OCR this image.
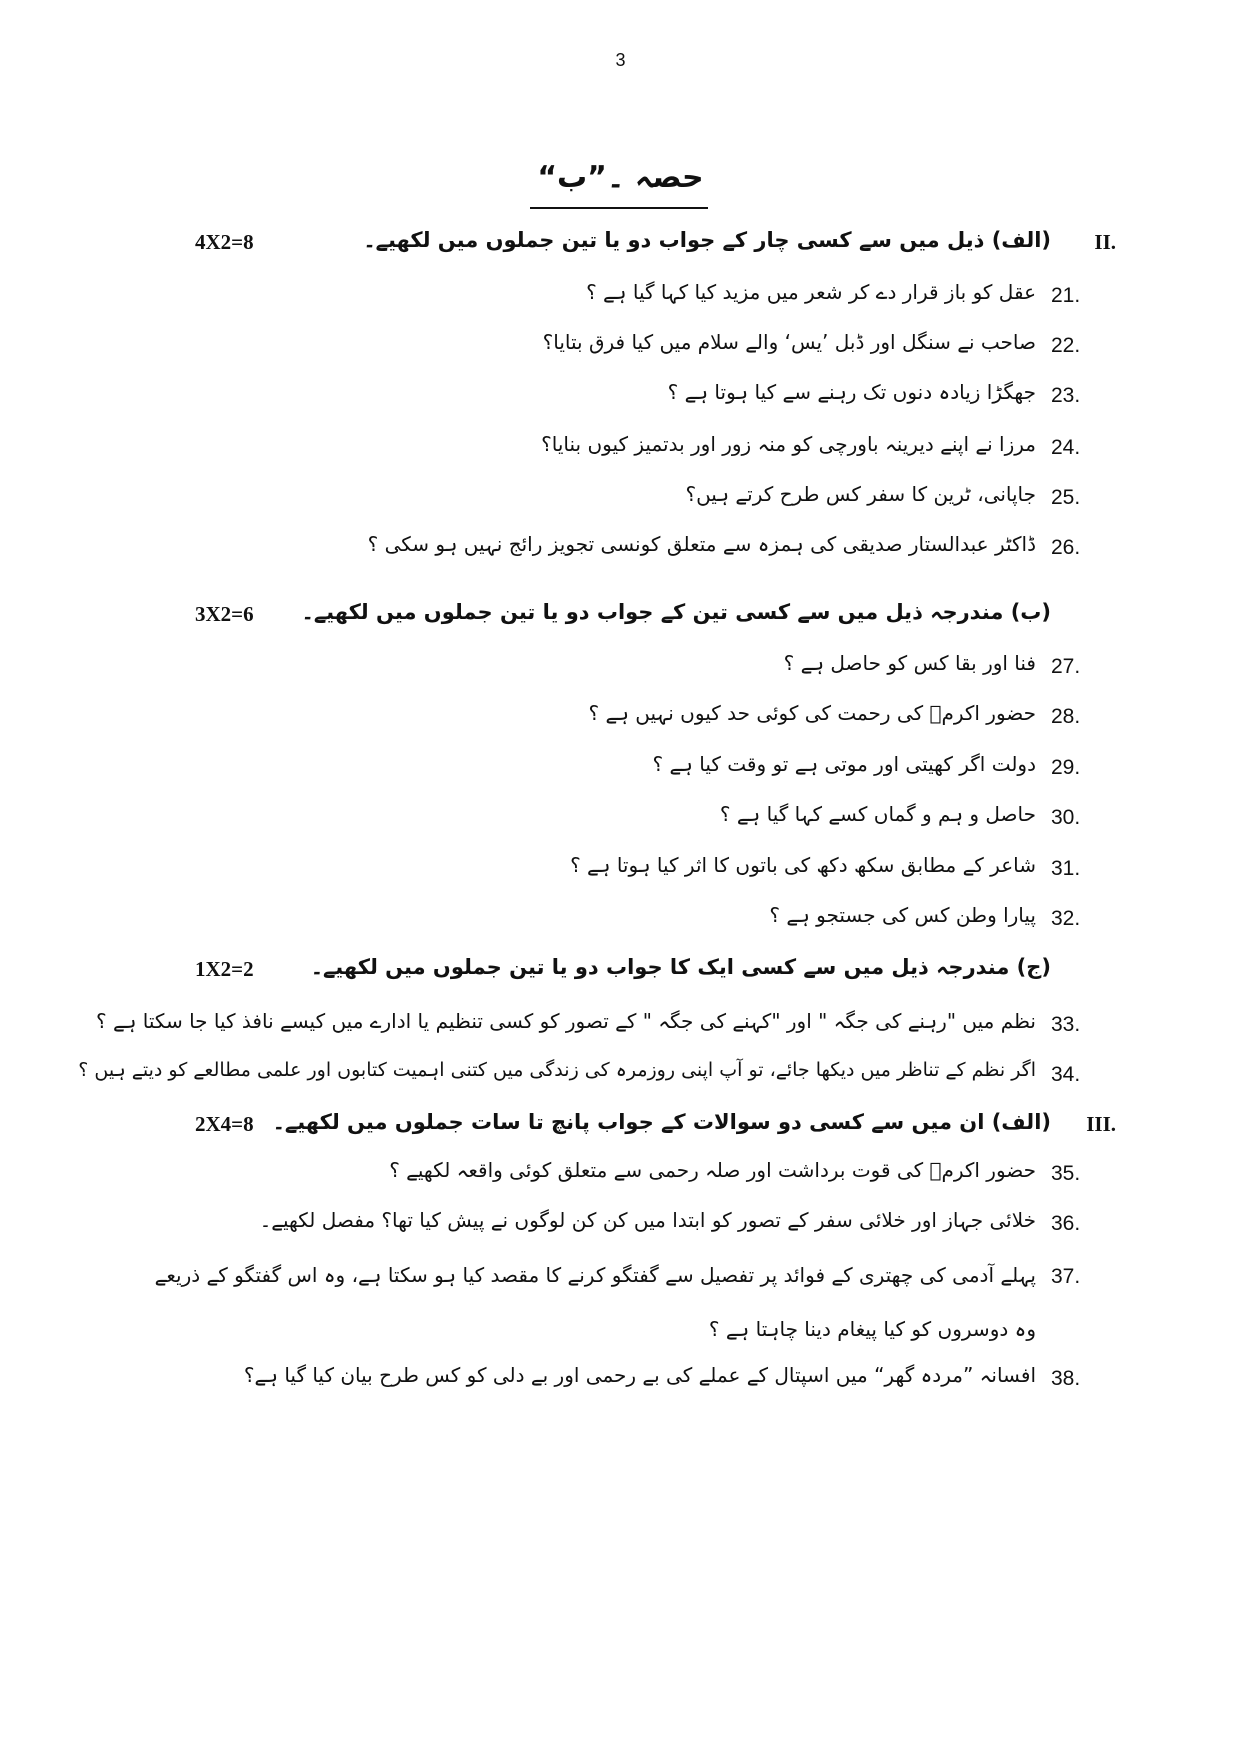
3
حصہ ۔”ب“
II.
(الف) ذیل میں سے کسی چار کے جواب دو یا تین جملوں میں لکھیے۔
4X2=8
21.
عقل کو باز قرار دے کر شعر میں مزید کیا کہا گیا ہے ؟
22.
صاحب نے سنگل اور ڈبل ’یس‘ والے سلام میں کیا فرق بتایا؟
23.
جھگڑا زیادہ دنوں تک رہنے سے کیا ہوتا ہے ؟
24.
مرزا نے اپنے دیرینہ باورچی کو منہ زور اور بدتمیز کیوں بنایا؟
25.
جاپانی، ٹرین کا سفر کس طرح کرتے ہیں؟
26.
ڈاکٹر عبدالستار صدیقی کی ہمزہ سے متعلق کونسی تجویز رائج نہیں ہو سکی ؟
(ب) مندرجہ ذیل میں سے کسی تین کے جواب دو یا تین جملوں میں لکھیے۔
3X2=6
27.
فنا اور بقا کس کو حاصل ہے ؟
28.
حضور اکرمؐ کی رحمت کی کوئی حد کیوں نہیں ہے ؟
29.
دولت اگر کھیتی اور موتی ہے تو وقت کیا ہے ؟
30.
حاصل و ہم و گماں کسے کہا گیا ہے ؟
31.
شاعر کے مطابق سکھ دکھ کی باتوں کا اثر کیا ہوتا ہے ؟
32.
پیارا وطن کس کی جستجو ہے ؟
(ج) مندرجہ ذیل میں سے کسی ایک کا جواب دو یا تین جملوں میں لکھیے۔
1X2=2
33.
نظم میں "رہنے کی جگہ " اور "کہنے کی جگہ " کے تصور کو کسی تنظیم یا ادارے میں کیسے نافذ کیا جا سکتا ہے ؟
34.
اگر نظم کے تناظر میں دیکھا جائے، تو آپ اپنی روزمرہ کی زندگی میں کتنی اہمیت کتابوں اور علمی مطالعے کو دیتے ہیں ؟
III.
(الف) ان میں سے کسی دو سوالات کے جواب پانچ تا سات جملوں میں لکھیے۔
2X4=8
35.
حضور اکرمؐ کی قوت برداشت اور صلہ رحمی سے متعلق کوئی واقعہ لکھیے ؟
36.
خلائی جہاز اور خلائی سفر کے تصور کو ابتدا میں کن کن لوگوں نے پیش کیا تھا؟ مفصل لکھیے۔
37.
پہلے آدمی کی چھتری کے فوائد پر تفصیل سے گفتگو کرنے کا مقصد کیا ہو سکتا ہے، وہ اس گفتگو کے ذریعے وہ دوسروں کو کیا پیغام دینا چاہتا ہے ؟
38.
افسانہ ”مردہ گھر“ میں اسپتال کے عملے کی بے رحمی اور بے دلی کو کس طرح بیان کیا گیا ہے؟
